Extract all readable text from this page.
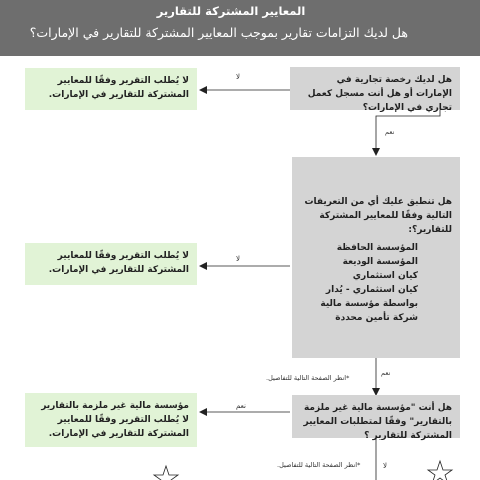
المعايير المشتركة للتقارير
هل لديك التزامات تقارير بموجب المعايير المشتركة للتقارير في الإمارات؟
هل لديك رخصة تجارية في الإمارات أو هل أنت مسجل كعمل تجاري في الإمارات؟
لا
لا يُطلب التقرير وفقًا للمعايير المشتركة للتقارير في الإمارات.
نعم
هل تنطبق عليك أي من التعريفات التالية وفقًا للمعايير المشتركة للتقارير؟:
المؤسسة الحافظة
المؤسسة الوديعة
كيان استثماري
كيان استثماري - يُدار بواسطة مؤسسة مالية
شركة تأمين محددة
لا
لا يُطلب التقرير وفقًا للمعايير المشتركة للتقارير في الإمارات.
*انظر الصفحة التالية للتفاصيل.
نعم
هل أنت "مؤسسة مالية غير ملزمة بالتقارير" وفقًا لمتطلبات المعايير المشتركة للتقارير ؟
نعم
مؤسسة مالية غير ملزمة بالتقارير
لا يُطلب التقرير وفقًا للمعايير المشتركة للتقارير في الإمارات.
*انظر الصفحة التالية للتفاصيل.	لا
